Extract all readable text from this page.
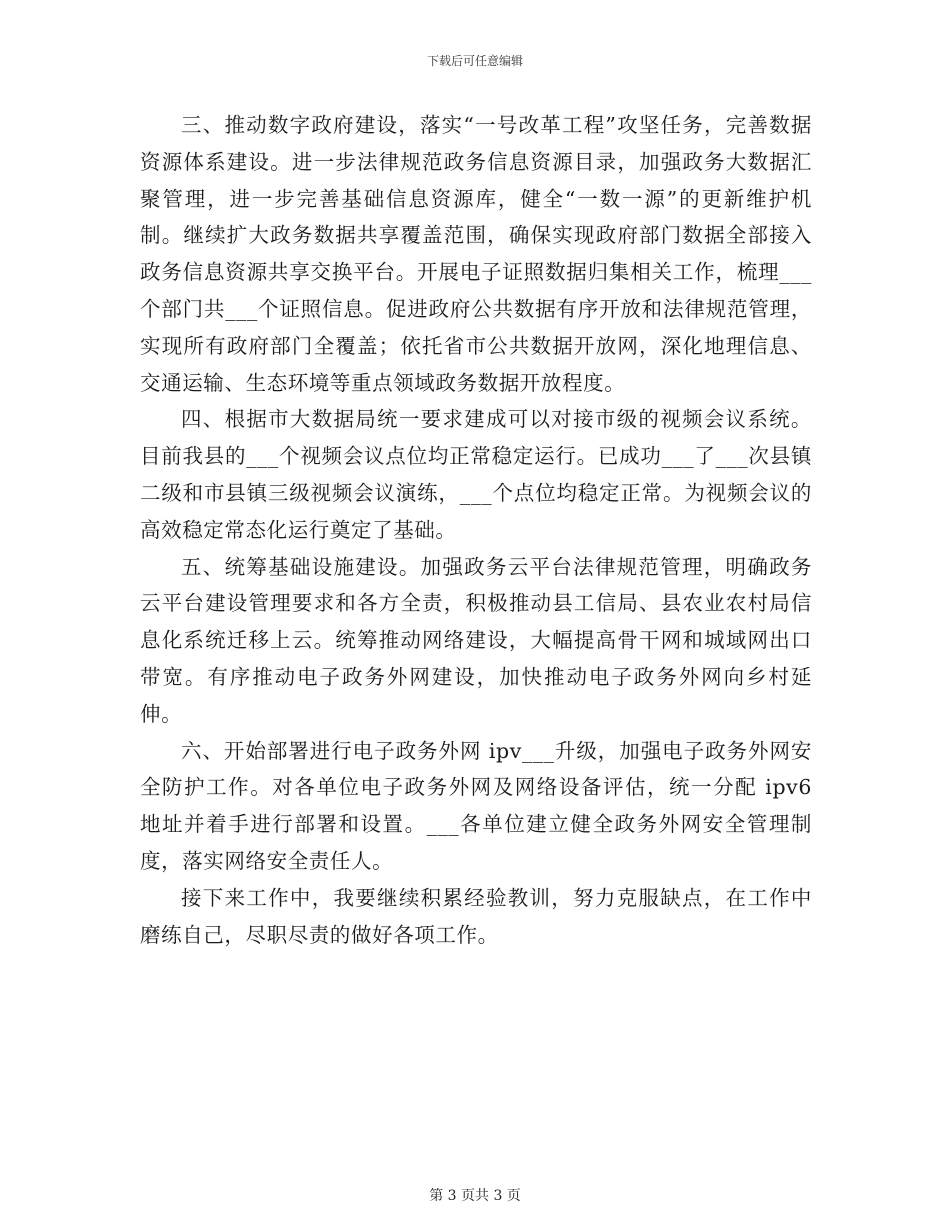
下载后可任意编辑

三、推动数字政府建设，落实“一号改革工程”攻坚任务，完善数据资源体系建设。进一步法律规范政务信息资源目录，加强政务大数据汇聚管理，进一步完善基础信息资源库，健全“一数一源”的更新维护机制。继续扩大政务数据共享覆盖范围，确保实现政府部门数据全部接入政务信息资源共享交换平台。开展电子证照数据归集相关工作，梳理___个部门共___个证照信息。促进政府公共数据有序开放和法律规范管理，实现所有政府部门全覆盖；依托省市公共数据开放网，深化地理信息、交通运输、生态环境等重点领域政务数据开放程度。

四、根据市大数据局统一要求建成可以对接市级的视频会议系统。目前我县的___个视频会议点位均正常稳定运行。已成功___了___次县镇二级和市县镇三级视频会议演练，___个点位均稳定正常。为视频会议的高效稳定常态化运行奠定了基础。

五、统筹基础设施建设。加强政务云平台法律规范管理，明确政务云平台建设管理要求和各方全责，积极推动县工信局、县农业农村局信息化系统迁移上云。统筹推动网络建设，大幅提高骨干网和城域网出口带宽。有序推动电子政务外网建设，加快推动电子政务外网向乡村延伸。

六、开始部署进行电子政务外网 ipv___升级，加强电子政务外网安全防护工作。对各单位电子政务外网及网络设备评估，统一分配 ipv6 地址并着手进行部署和设置。___各单位建立健全政务外网安全管理制度，落实网络安全责任人。

接下来工作中，我要继续积累经验教训，努力克服缺点，在工作中磨练自己，尽职尽责的做好各项工作。

第 3 页共 3 页
